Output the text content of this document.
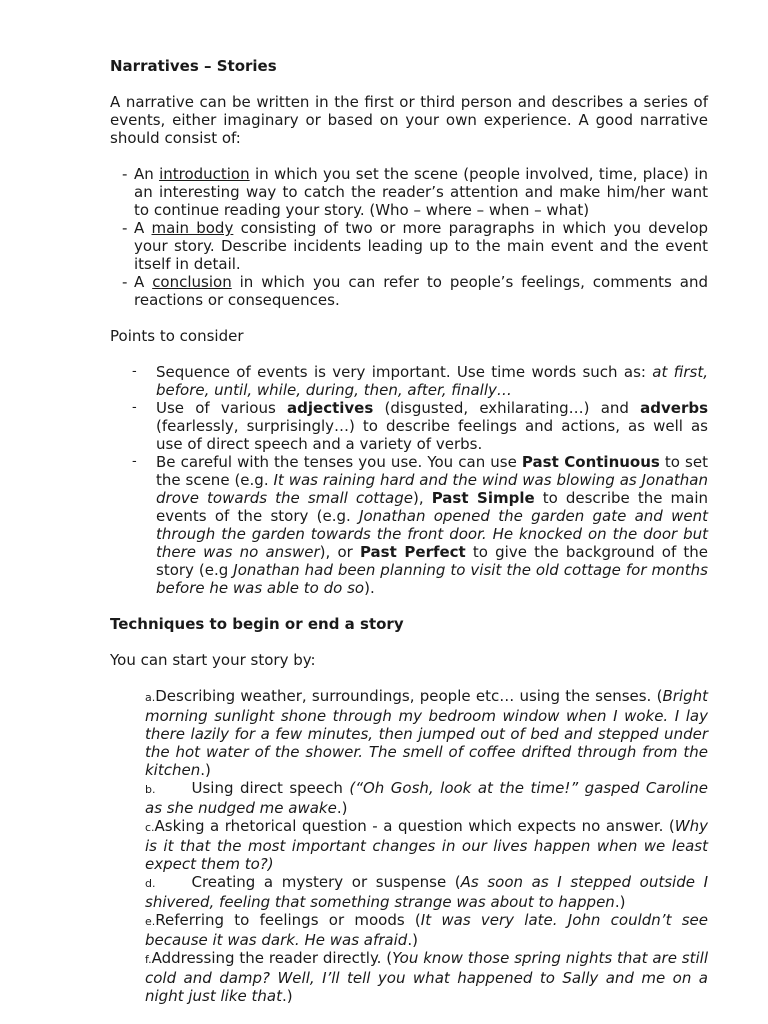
Narratives – Stories

A narrative can be written in the first or third person and describes a series of events, either imaginary or based on your own experience. A good narrative should consist of:

- An introduction in which you set the scene (people involved, time, place) in an interesting way to catch the reader’s attention and make him/her want to continue reading your story. (Who – where – when – what)
- A main body consisting of two or more paragraphs in which you develop your story. Describe incidents leading up to the main event and the event itself in detail.
- A conclusion in which you can refer to people’s feelings, comments and reactions or consequences.

Points to consider

- Sequence of events is very important. Use time words such as: at first, before, until, while, during, then, after, finally…
- Use of various adjectives (disgusted, exhilarating…) and adverbs (fearlessly, surprisingly…) to describe feelings and actions, as well as use of direct speech and a variety of verbs.
- Be careful with the tenses you use. You can use Past Continuous to set the scene (e.g. It was raining hard and the wind was blowing as Jonathan drove towards the small cottage), Past Simple to describe the main events of the story (e.g. Jonathan opened the garden gate and went through the garden towards the front door. He knocked on the door but there was no answer), or Past Perfect to give the background of the story (e.g Jonathan had been planning to visit the old cottage for months before he was able to do so).

Techniques to begin or end a story

You can start your story by:

a.Describing weather, surroundings, people etc… using the senses. (Bright morning sunlight shone through my bedroom window when I woke. I lay there lazily for a few minutes, then jumped out of bed and stepped under the hot water of the shower. The smell of coffee drifted through from the kitchen.)
b. Using direct speech (“Oh Gosh, look at the time!” gasped Caroline as she nudged me awake.)
c.Asking a rhetorical question - a question which expects no answer. (Why is it that the most important changes in our lives happen when we least expect them to?)
d. Creating a mystery or suspense (As soon as I stepped outside I shivered, feeling that something strange was about to happen.)
e.Referring to feelings or moods (It was very late. John couldn’t see because it was dark. He was afraid.)
f.Addressing the reader directly. (You know those spring nights that are still cold and damp? Well, I’ll tell you what happened to Sally and me on a night just like that.)
